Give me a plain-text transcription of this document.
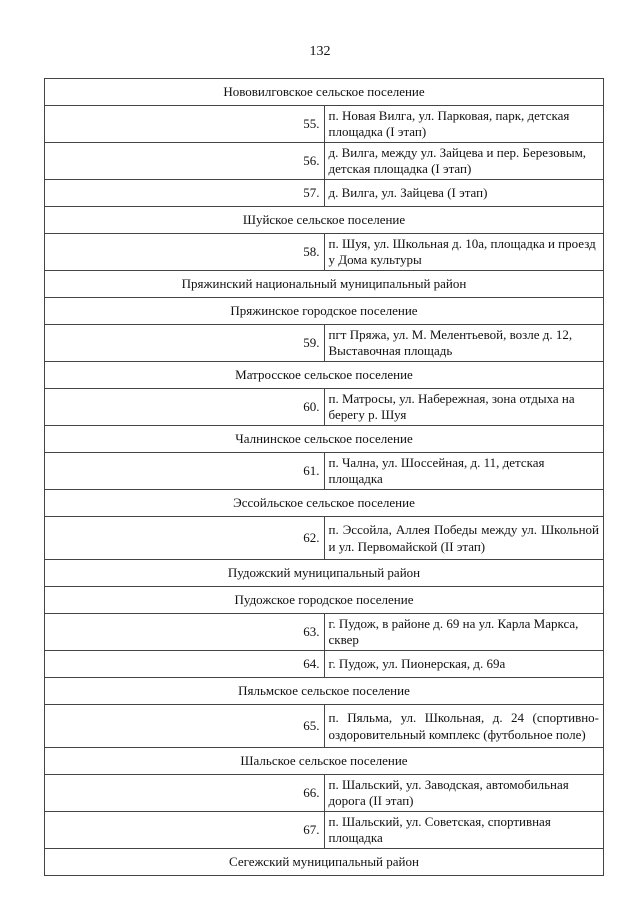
132
Нововилговское сельское поселение	
55.	п. Новая Вилга, ул. Парковая, парк, детская площадка (I этап)
56.	д. Вилга, между ул. Зайцева и пер. Березовым, детская площадка (I этап)
57.	д. Вилга, ул. Зайцева (I этап)
Шуйское сельское поселение	
58.	п. Шуя, ул. Школьная д. 10а, площадка и проезд у Дома культуры
Пряжинский национальный муниципальный район	
Пряжинское городское поселение	
59.	пгт Пряжа, ул. М. Мелентьевой, возле д. 12, Выставочная площадь
Матросское сельское поселение	
60.	п. Матросы, ул. Набережная, зона отдыха на берегу р. Шуя
Чалнинское сельское поселение	
61.	п. Чална, ул. Шоссейная, д. 11, детская площадка
Эссойльское сельское поселение	
62.	п. Эссойла, Аллея Победы между ул. Школьной и ул. Первомайской (II этап)
Пудожский муниципальный район	
Пудожское городское поселение	
63.	г. Пудож, в районе д. 69 на ул. Карла Маркса, сквер
64.	г. Пудож, ул. Пионерская, д. 69а
Пяльмское сельское поселение	
65.	п. Пяльма, ул. Школьная, д. 24 (спортивно-оздоровительный комплекс (футбольное поле)
Шальское сельское поселение	
66.	п. Шальский, ул. Заводская, автомобильная дорога (II этап)
67.	п. Шальский, ул. Советская, спортивная площадка
Сегежский муниципальный район	
